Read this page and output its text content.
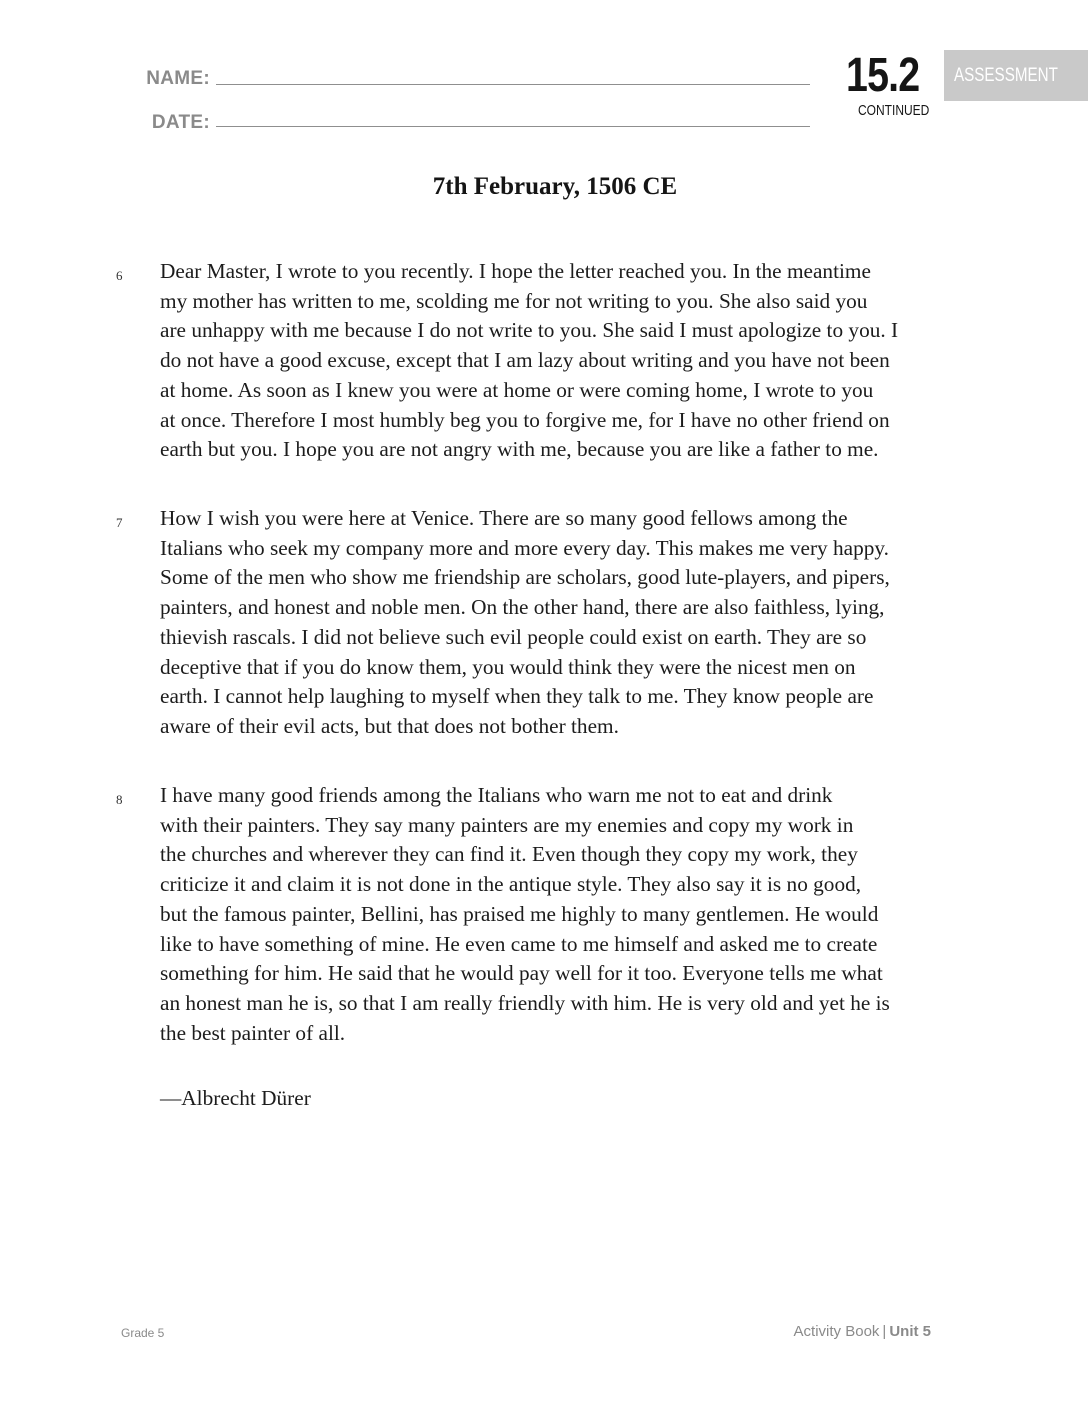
NAME:
DATE:
15.2
CONTINUED
ASSESSMENT
7th February, 1506 CE
6 Dear Master, I wrote to you recently. I hope the letter reached you. In the meantime

my mother has written to me, scolding me for not writing to you. She also said you

are unhappy with me because I do not write to you. She said I must apologize to you. I

do not have a good excuse, except that I am lazy about writing and you have not been

at home. As soon as I knew you were at home or were coming home, I wrote to you

at once. Therefore I most humbly beg you to forgive me, for I have no other friend on

earth but you. I hope you are not angry with me, because you are like a father to me.

7 How I wish you were here at Venice. There are so many good fellows among the

Italians who seek my company more and more every day. This makes me very happy.

Some of the men who show me friendship are scholars, good lute-players, and pipers,

painters, and honest and noble men. On the other hand, there are also faithless, lying,

thievish rascals. I did not believe such evil people could exist on earth. They are so

deceptive that if you do know them, you would think they were the nicest men on

earth. I cannot help laughing to myself when they talk to me. They know people are

aware of their evil acts, but that does not bother them.

8 I have many good friends among the Italians who warn me not to eat and drink

with their painters. They say many painters are my enemies and copy my work in

the churches and wherever they can find it. Even though they copy my work, they

criticize it and claim it is not done in the antique style. They also say it is no good,

but the famous painter, Bellini, has praised me highly to many gentlemen. He would

like to have something of mine. He even came to me himself and asked me to create

something for him. He said that he would pay well for it too. Everyone tells me what

an honest man he is, so that I am really friendly with him. He is very old and yet he is

the best painter of all.

—Albrecht Dürer
Grade 5	Activity Book | Unit 5
